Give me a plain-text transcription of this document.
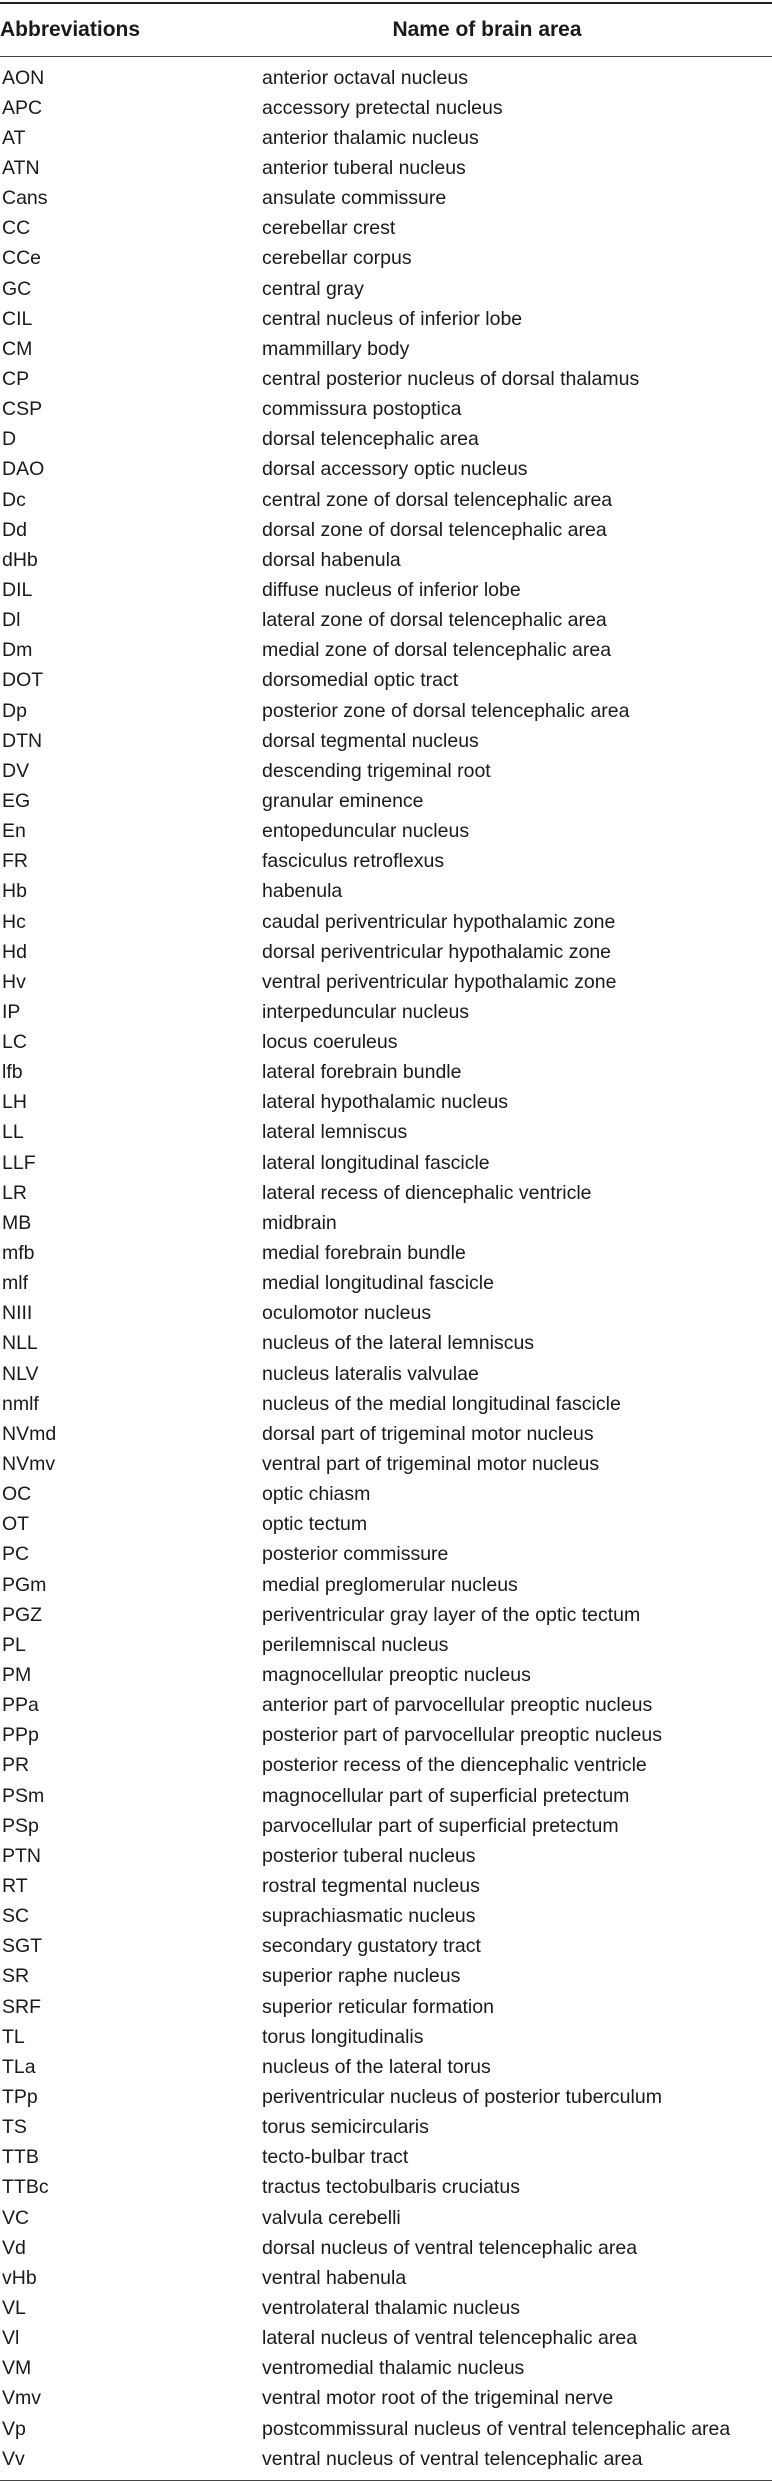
Abbreviations	Name of brain area
AON	anterior octaval nucleus
APC	accessory pretectal nucleus
AT	anterior thalamic nucleus
ATN	anterior tuberal nucleus
Cans	ansulate commissure
CC	cerebellar crest
CCe	cerebellar corpus
GC	central gray
CIL	central nucleus of inferior lobe
CM	mammillary body
CP	central posterior nucleus of dorsal thalamus
CSP	commissura postoptica
D	dorsal telencephalic area
DAO	dorsal accessory optic nucleus
Dc	central zone of dorsal telencephalic area
Dd	dorsal zone of dorsal telencephalic area
dHb	dorsal habenula
DIL	diffuse nucleus of inferior lobe
Dl	lateral zone of dorsal telencephalic area
Dm	medial zone of dorsal telencephalic area
DOT	dorsomedial optic tract
Dp	posterior zone of dorsal telencephalic area
DTN	dorsal tegmental nucleus
DV	descending trigeminal root
EG	granular eminence
En	entopeduncular nucleus
FR	fasciculus retroflexus
Hb	habenula
Hc	caudal periventricular hypothalamic zone
Hd	dorsal periventricular hypothalamic zone
Hv	ventral periventricular hypothalamic zone
IP	interpeduncular nucleus
LC	locus coeruleus
lfb	lateral forebrain bundle
LH	lateral hypothalamic nucleus
LL	lateral lemniscus
LLF	lateral longitudinal fascicle
LR	lateral recess of diencephalic ventricle
MB	midbrain
mfb	medial forebrain bundle
mlf	medial longitudinal fascicle
NIII	oculomotor nucleus
NLL	nucleus of the lateral lemniscus
NLV	nucleus lateralis valvulae
nmlf	nucleus of the medial longitudinal fascicle
NVmd	dorsal part of trigeminal motor nucleus
NVmv	ventral part of trigeminal motor nucleus
OC	optic chiasm
OT	optic tectum
PC	posterior commissure
PGm	medial preglomerular nucleus
PGZ	periventricular gray layer of the optic tectum
PL	perilemniscal nucleus
PM	magnocellular preoptic nucleus
PPa	anterior part of parvocellular preoptic nucleus
PPp	posterior part of parvocellular preoptic nucleus
PR	posterior recess of the diencephalic ventricle
PSm	magnocellular part of superficial pretectum
PSp	parvocellular part of superficial pretectum
PTN	posterior tuberal nucleus
RT	rostral tegmental nucleus
SC	suprachiasmatic nucleus
SGT	secondary gustatory tract
SR	superior raphe nucleus
SRF	superior reticular formation
TL	torus longitudinalis
TLa	nucleus of the lateral torus
TPp	periventricular nucleus of posterior tuberculum
TS	torus semicircularis
TTB	tecto-bulbar tract
TTBc	tractus tectobulbaris cruciatus
VC	valvula cerebelli
Vd	dorsal nucleus of ventral telencephalic area
vHb	ventral habenula
VL	ventrolateral thalamic nucleus
Vl	lateral nucleus of ventral telencephalic area
VM	ventromedial thalamic nucleus
Vmv	ventral motor root of the trigeminal nerve
Vp	postcommissural nucleus of ventral telencephalic area
Vv	ventral nucleus of ventral telencephalic area
